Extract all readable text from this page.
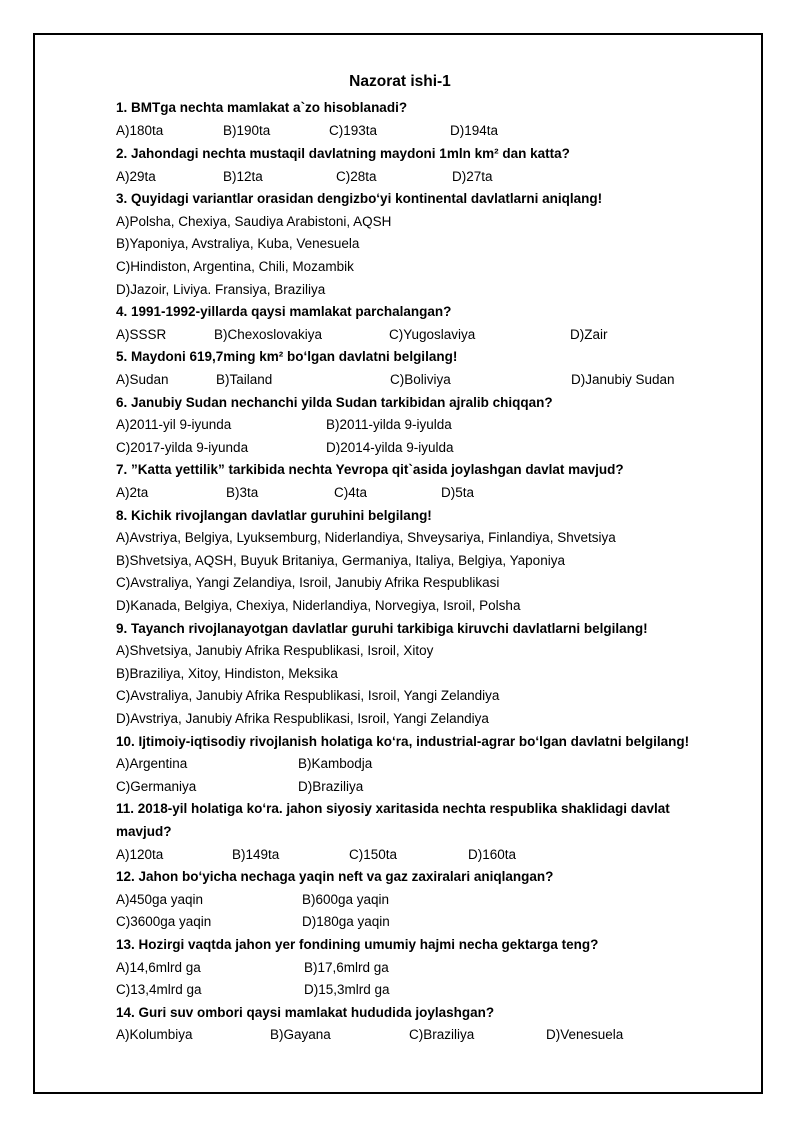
Nazorat ishi-1
1. BMTga nechta mamlakat a`zo hisoblanadi?
A)180ta	B)190ta	C)193ta	D)194ta
2. Jahondagi nechta mustaqil davlatning maydoni 1mln km² dan katta?
A)29ta	B)12ta	C)28ta	D)27ta
3. Quyidagi variantlar orasidan dengizbo‘yi kontinental davlatlarni aniqlang!
A)Polsha, Chexiya, Saudiya Arabistoni, AQSH
B)Yaponiya, Avstraliya, Kuba, Venesuela
C)Hindiston, Argentina, Chili, Mozambik
D)Jazoir, Liviya. Fransiya, Braziliya
4. 1991-1992-yillarda qaysi mamlakat parchalangan?
A)SSSR	B)Chexoslovakiya	C)Yugoslaviya	D)Zair
5. Maydoni 619,7ming km² bo‘lgan davlatni belgilang!
A)Sudan	B)Tailand	C)Boliviya	D)Janubiy Sudan
6. Janubiy Sudan nechanchi yilda Sudan tarkibidan ajralib chiqqan?
A)2011-yil 9-iyunda	B)2011-yilda 9-iyulda
C)2017-yilda 9-iyunda	D)2014-yilda 9-iyulda
7. ”Katta yettilik” tarkibida nechta Yevropa qit`asida joylashgan davlat mavjud?
A)2ta	B)3ta	C)4ta	D)5ta
8. Kichik rivojlangan davlatlar guruhini belgilang!
A)Avstriya, Belgiya, Lyuksemburg, Niderlandiya, Shveysariya, Finlandiya, Shvetsiya
B)Shvetsiya, AQSH, Buyuk Britaniya, Germaniya, Italiya, Belgiya, Yaponiya
C)Avstraliya, Yangi Zelandiya, Isroil, Janubiy Afrika Respublikasi
D)Kanada, Belgiya, Chexiya, Niderlandiya, Norvegiya, Isroil, Polsha
9. Tayanch rivojlanayotgan davlatlar guruhi tarkibiga kiruvchi davlatlarni belgilang!
A)Shvetsiya, Janubiy Afrika Respublikasi, Isroil, Xitoy
B)Braziliya, Xitoy, Hindiston, Meksika
C)Avstraliya, Janubiy Afrika Respublikasi, Isroil, Yangi Zelandiya
D)Avstriya, Janubiy Afrika Respublikasi, Isroil, Yangi Zelandiya
10. Ijtimoiy-iqtisodiy rivojlanish holatiga ko‘ra, industrial-agrar bo‘lgan davlatni belgilang!
A)Argentina	B)Kambodja
C)Germaniya	D)Braziliya
11. 2018-yil holatiga ko‘ra. jahon siyosiy xaritasida nechta respublika shaklidagi davlat
mavjud?
A)120ta	B)149ta	C)150ta	D)160ta
12. Jahon bo‘yicha nechaga yaqin neft va gaz zaxiralari aniqlangan?
A)450ga yaqin	B)600ga yaqin
C)3600ga yaqin	D)180ga yaqin
13. Hozirgi vaqtda jahon yer fondining umumiy hajmi necha gektarga teng?
A)14,6mlrd ga	B)17,6mlrd ga
C)13,4mlrd ga	D)15,3mlrd ga
14. Guri suv ombori qaysi mamlakat hududida joylashgan?
A)Kolumbiya	B)Gayana	C)Braziliya	D)Venesuela
